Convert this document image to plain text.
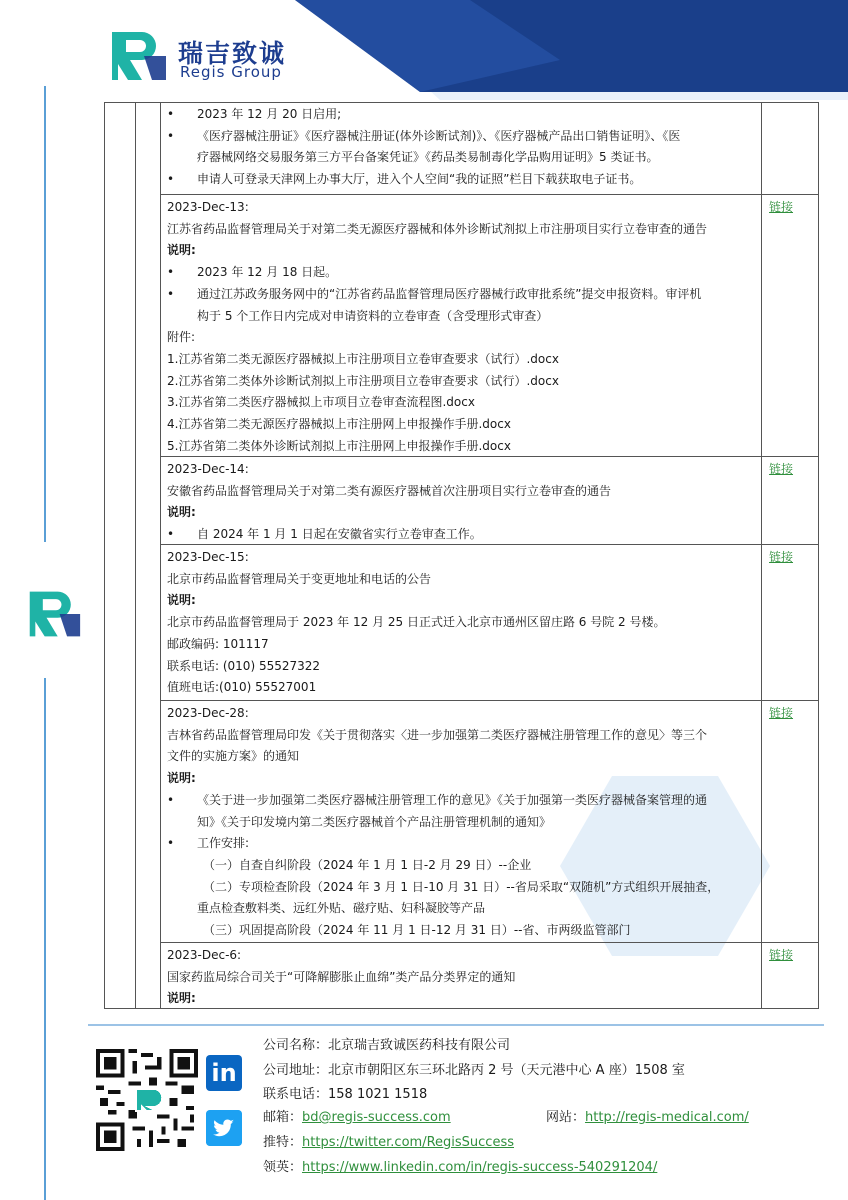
瑞吉致诚
Regis Group
• 2023 年 12 月 20 日启用;
• 《医疗器械注册证》《医疗器械注册证(体外诊断试剂)》、《医疗器械产品出口销售证明》、《医
疗器械网络交易服务第三方平台备案凭证》《药品类易制毒化学品购用证明》5 类证书。
• 申请人可登录天津网上办事大厅，进入个人空间“我的证照”栏目下载获取电子证书。
2023-Dec-13:
江苏省药品监督管理局关于对第二类无源医疗器械和体外诊断试剂拟上市注册项目实行立卷审查的通告
说明:
• 2023 年 12 月 18 日起。
• 通过江苏政务服务网中的“江苏省药品监督管理局医疗器械行政审批系统”提交申报资料。审评机
构于 5 个工作日内完成对申请资料的立卷审查（含受理形式审查）
附件:
1.江苏省第二类无源医疗器械拟上市注册项目立卷审查要求（试行）.docx
2.江苏省第二类体外诊断试剂拟上市注册项目立卷审查要求（试行）.docx
3.江苏省第二类医疗器械拟上市项目立卷审查流程图.docx
4.江苏省第二类无源医疗器械拟上市注册网上申报操作手册.docx
5.江苏省第二类体外诊断试剂拟上市注册网上申报操作手册.docx
链接
2023-Dec-14:
安徽省药品监督管理局关于对第二类有源医疗器械首次注册项目实行立卷审查的通告
说明:
• 自 2024 年 1 月 1 日起在安徽省实行立卷审查工作。
链接
2023-Dec-15:
北京市药品监督管理局关于变更地址和电话的公告
说明:
北京市药品监督管理局于 2023 年 12 月 25 日正式迁入北京市通州区留庄路 6 号院 2 号楼。
邮政编码: 101117
联系电话: (010) 55527322
值班电话:(010) 55527001
链接
2023-Dec-28:
吉林省药品监督管理局印发《关于贯彻落实〈进一步加强第二类医疗器械注册管理工作的意见〉等三个
文件的实施方案》的通知
说明:
• 《关于进一步加强第二类医疗器械注册管理工作的意见》《关于加强第一类医疗器械备案管理的通
知》《关于印发境内第二类医疗器械首个产品注册管理机制的通知》
• 工作安排:
（一）自查自纠阶段（2024 年 1 月 1 日-2 月 29 日）--企业
（二）专项检查阶段（2024 年 3 月 1 日-10 月 31 日）--省局采取“双随机”方式组织开展抽查，
重点检查敷料类、远红外贴、磁疗贴、妇科凝胶等产品
（三）巩固提高阶段（2024 年 11 月 1 日-12 月 31 日）--省、市两级监管部门
链接
2023-Dec-6:
国家药监局综合司关于“可降解膨胀止血绵”类产品分类界定的通知
说明:
链接
in
公司名称：北京瑞吉致诚医药科技有限公司
公司地址：北京市朝阳区东三环北路丙 2 号（天元港中心 A 座）1508 室
联系电话：158 1021 1518
邮箱：bd@regis-success.com	网站：http://regis-medical.com/
推特：https://twitter.com/RegisSuccess
领英：https://www.linkedin.com/in/regis-success-540291204/
